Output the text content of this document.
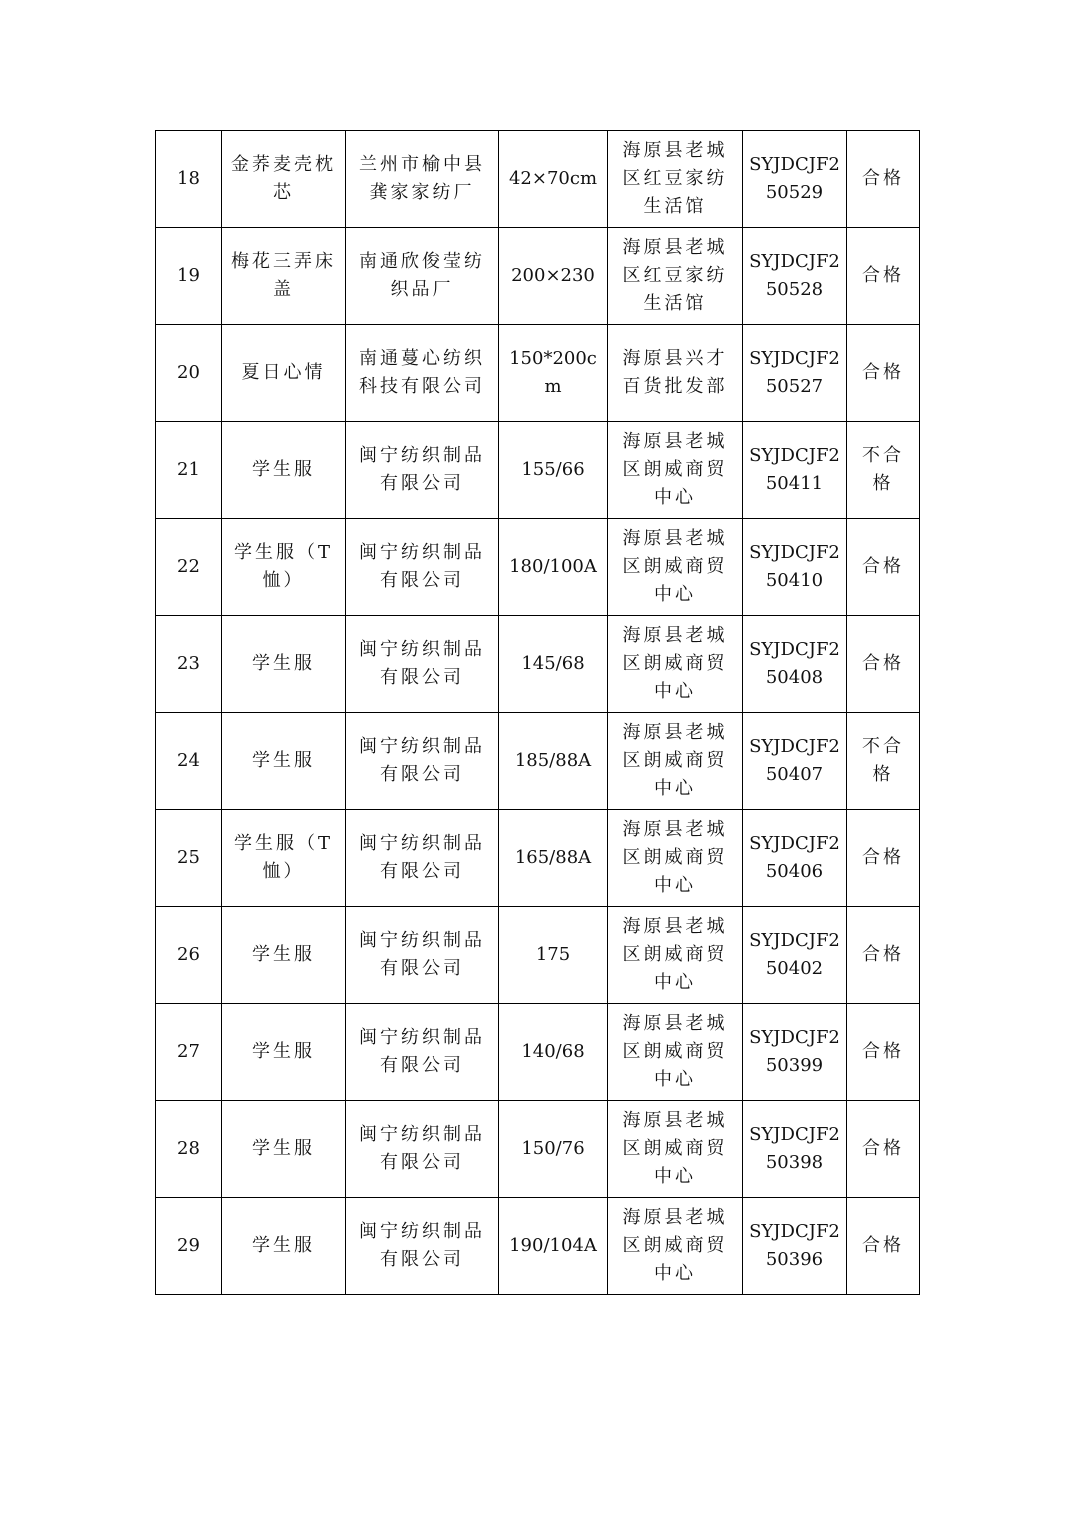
18	金荞麦壳枕芯	兰州市榆中县龚家家纺厂	42×70cm	海原县老城区红豆家纺生活馆	SYJDCJF250529	合格
19	梅花三弄床盖	南通欣俊莹纺织品厂	200×230	海原县老城区红豆家纺生活馆	SYJDCJF250528	合格
20	夏日心情	南通蔓心纺织科技有限公司	150*200cm	海原县兴才百货批发部	SYJDCJF250527	合格
21	学生服	闽宁纺织制品有限公司	155/66	海原县老城区朗威商贸中心	SYJDCJF250411	不合格
22	学生服（T恤）	闽宁纺织制品有限公司	180/100A	海原县老城区朗威商贸中心	SYJDCJF250410	合格
23	学生服	闽宁纺织制品有限公司	145/68	海原县老城区朗威商贸中心	SYJDCJF250408	合格
24	学生服	闽宁纺织制品有限公司	185/88A	海原县老城区朗威商贸中心	SYJDCJF250407	不合格
25	学生服（T恤）	闽宁纺织制品有限公司	165/88A	海原县老城区朗威商贸中心	SYJDCJF250406	合格
26	学生服	闽宁纺织制品有限公司	175	海原县老城区朗威商贸中心	SYJDCJF250402	合格
27	学生服	闽宁纺织制品有限公司	140/68	海原县老城区朗威商贸中心	SYJDCJF250399	合格
28	学生服	闽宁纺织制品有限公司	150/76	海原县老城区朗威商贸中心	SYJDCJF250398	合格
29	学生服	闽宁纺织制品有限公司	190/104A	海原县老城区朗威商贸中心	SYJDCJF250396	合格
